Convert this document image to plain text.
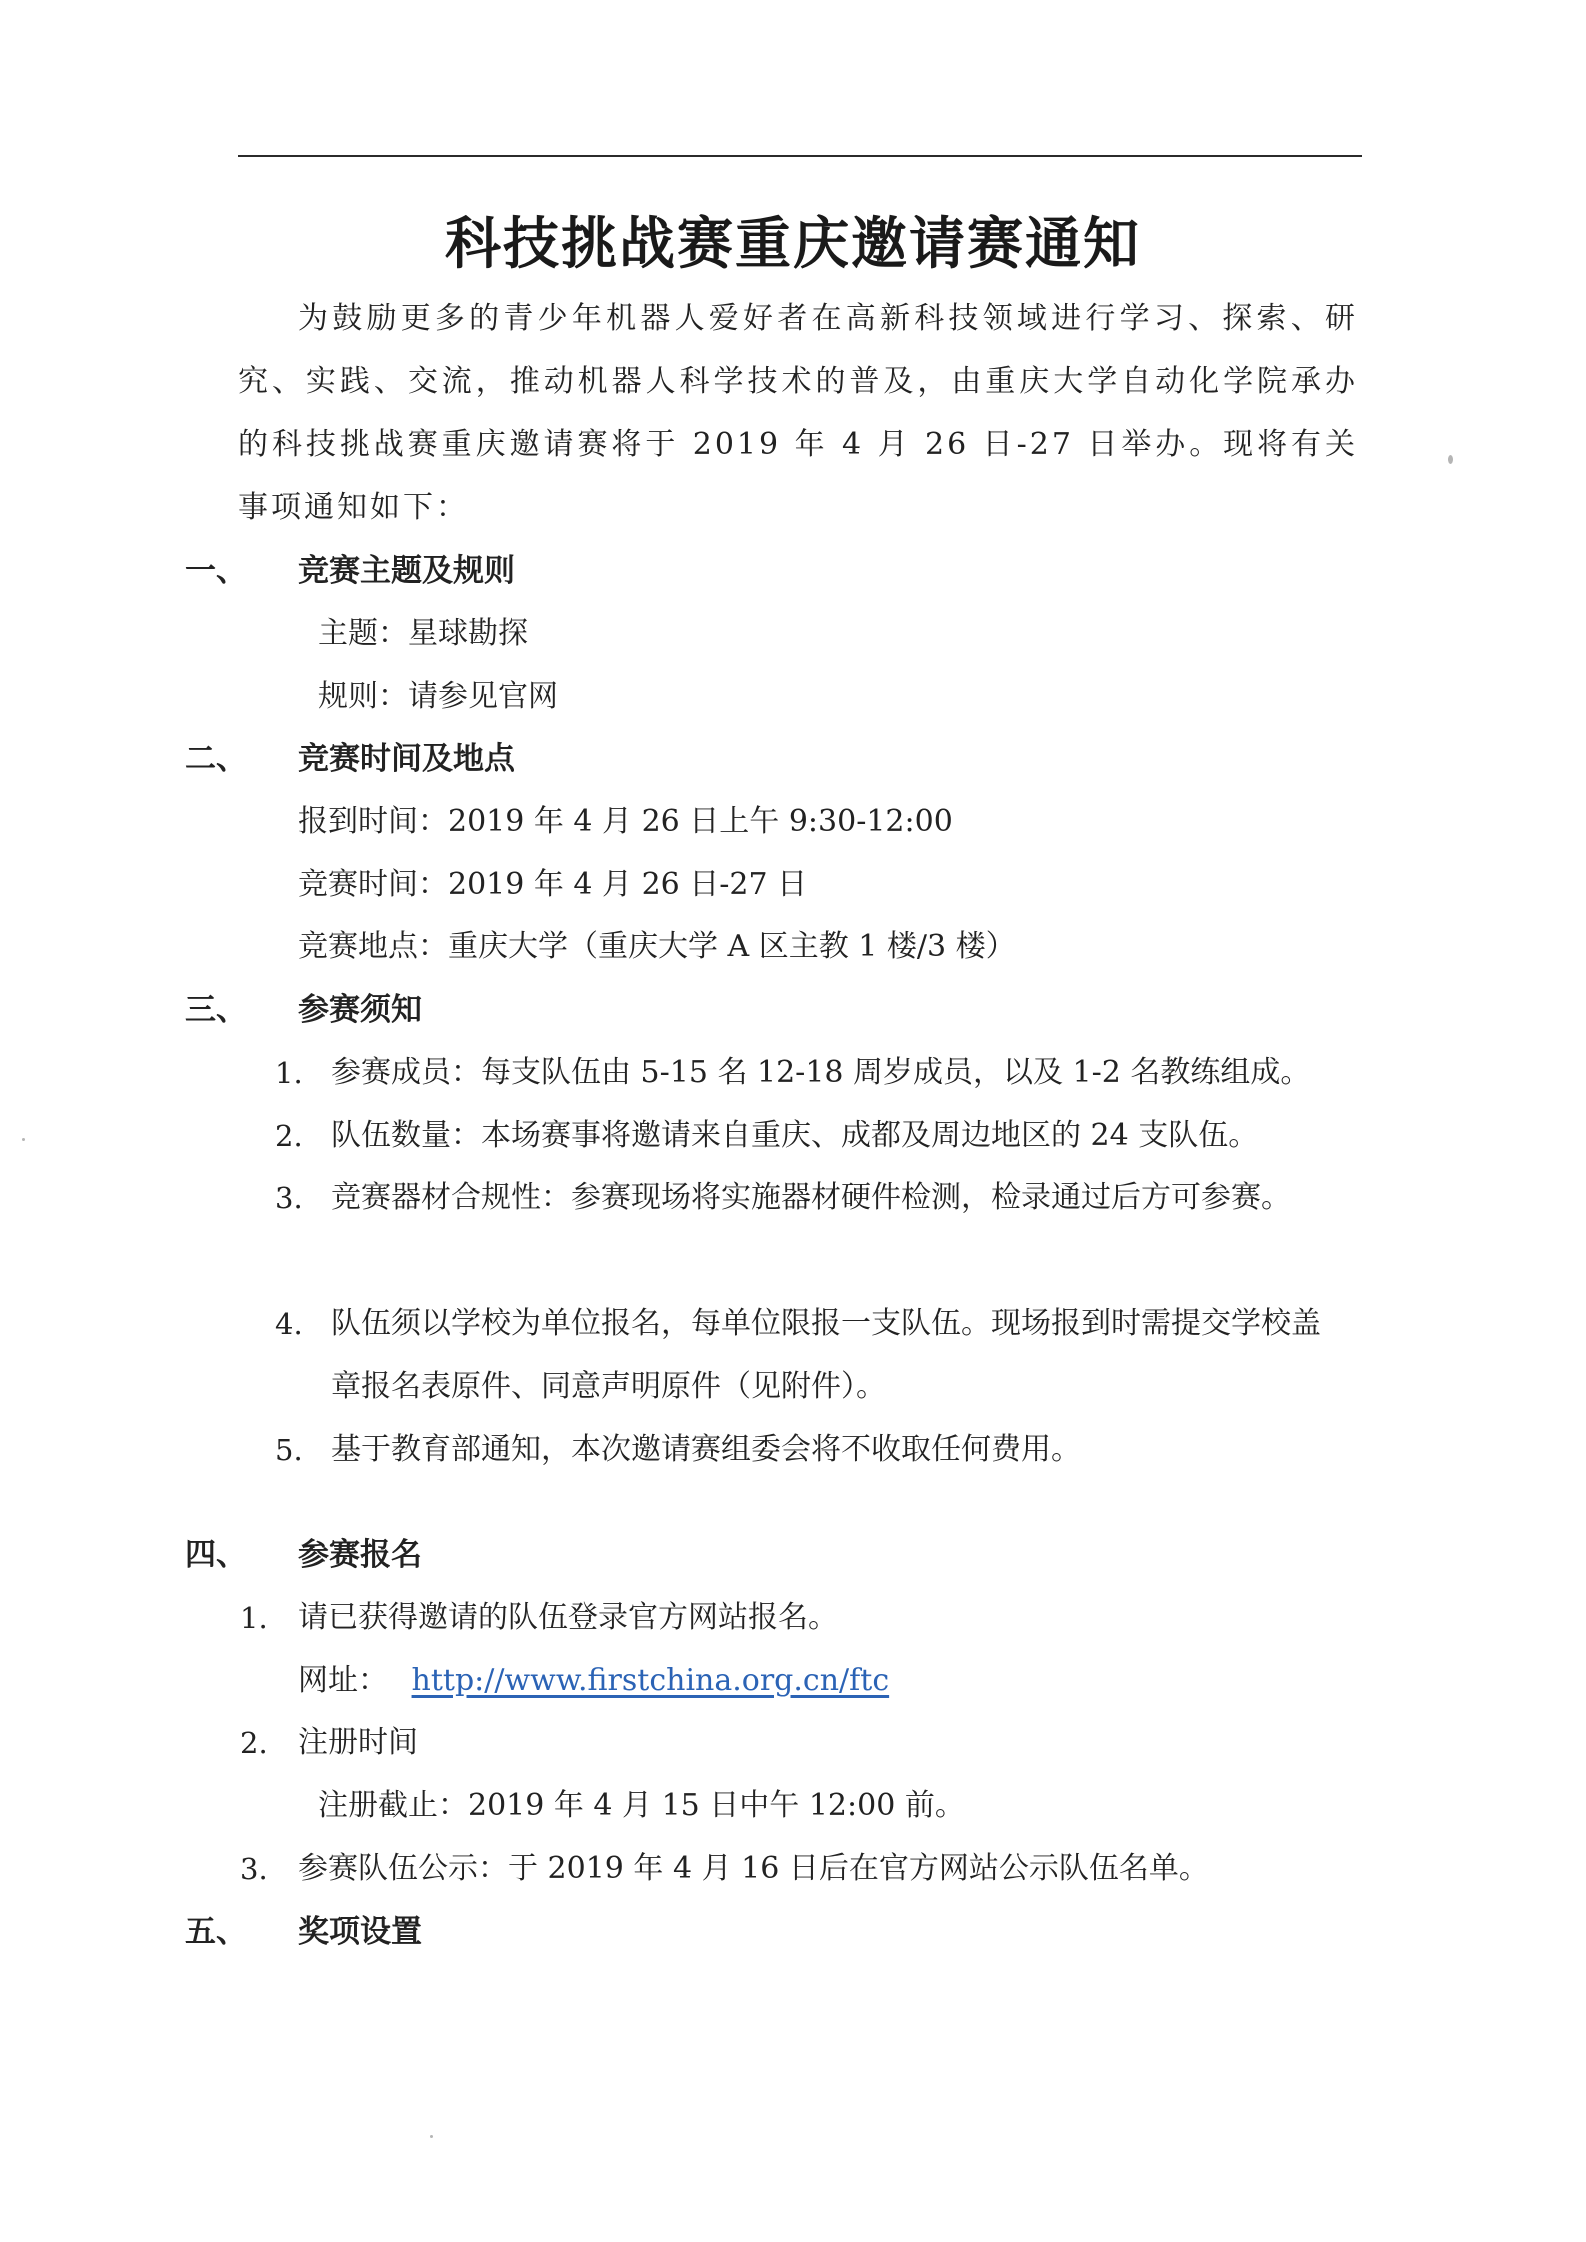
科技挑战赛重庆邀请赛通知

为鼓励更多的青少年机器人爱好者在高新科技领域进行学习、探索、研究、实践、交流，推动机器人科学技术的普及，由重庆大学自动化学院承办的科技挑战赛重庆邀请赛将于 2019 年 4 月 26 日-27 日举办。现将有关事项通知如下：

一、 竞赛主题及规则
主题：星球勘探
规则：请参见官网
二、 竞赛时间及地点
报到时间：2019 年 4 月 26 日上午 9:30-12:00
竞赛时间：2019 年 4 月 26 日-27 日
竞赛地点：重庆大学（重庆大学 A 区主教 1 楼/3 楼）
三、 参赛须知
1. 参赛成员：每支队伍由 5-15 名 12-18 周岁成员，以及 1-2 名教练组成。
2. 队伍数量：本场赛事将邀请来自重庆、成都及周边地区的 24 支队伍。
3. 竞赛器材合规性：参赛现场将实施器材硬件检测，检录通过后方可参赛。
4. 队伍须以学校为单位报名，每单位限报一支队伍。现场报到时需提交学校盖章报名表原件、同意声明原件（见附件）。
5. 基于教育部通知，本次邀请赛组委会将不收取任何费用。
四、 参赛报名
1. 请已获得邀请的队伍登录官方网站报名。
网址： http://www.firstchina.org.cn/ftc
2. 注册时间
注册截止：2019 年 4 月 15 日中午 12:00 前。
3. 参赛队伍公示：于 2019 年 4 月 16 日后在官方网站公示队伍名单。
五、 奖项设置
